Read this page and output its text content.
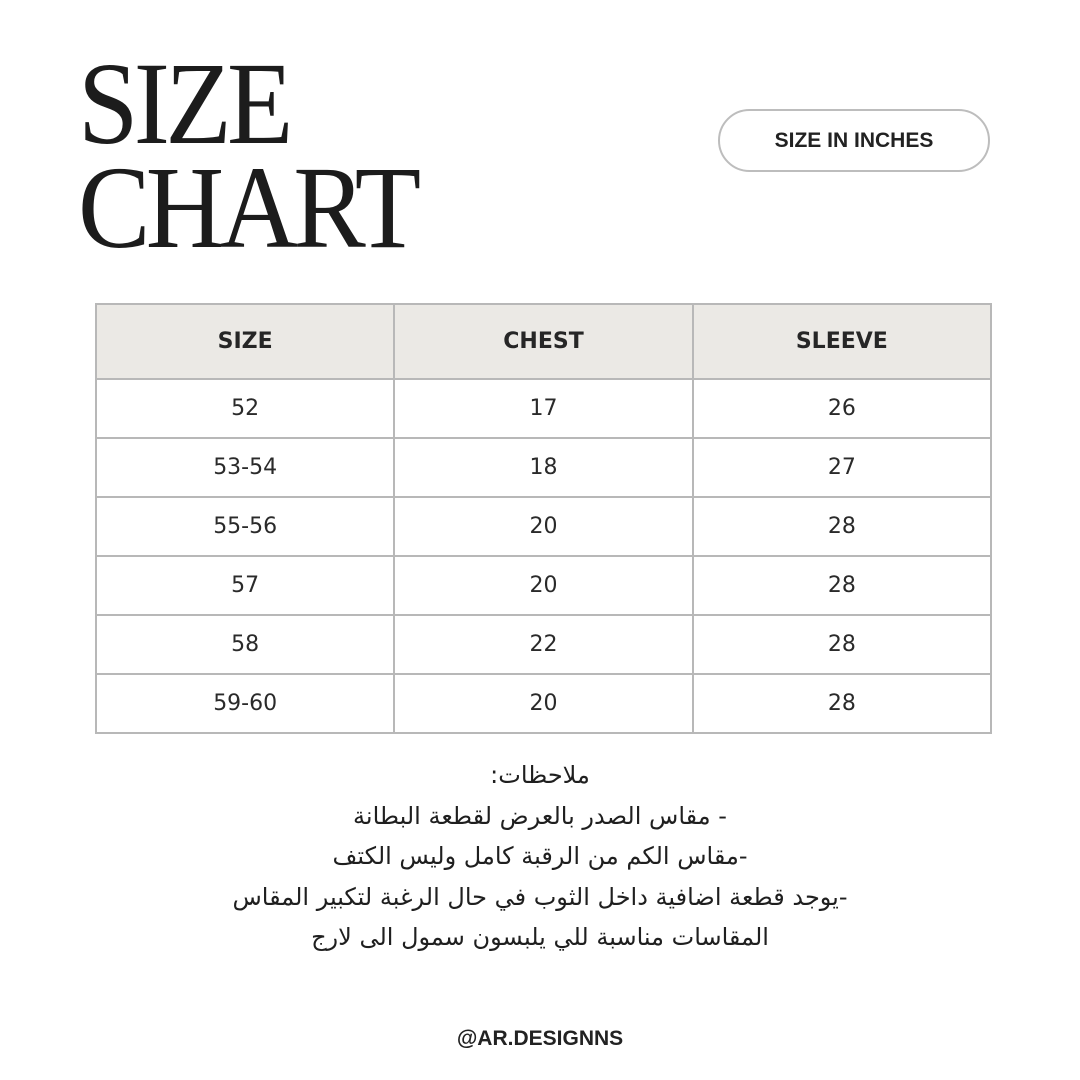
SIZE
CHART
SIZE IN INCHES
SIZE	CHEST	SLEEVE
52	17	26
53-54	18	27
55-56	20	28
57	20	28
58	22	28
59-60	20	28
ملاحظات:
- مقاس الصدر بالعرض لقطعة البطانة
-مقاس الكم من الرقبة كامل وليس الكتف
-يوجد قطعة اضافية داخل الثوب في حال الرغبة لتكبير المقاس
المقاسات مناسبة للي يلبسون سمول الى لارج
@AR.DESIGNNS
